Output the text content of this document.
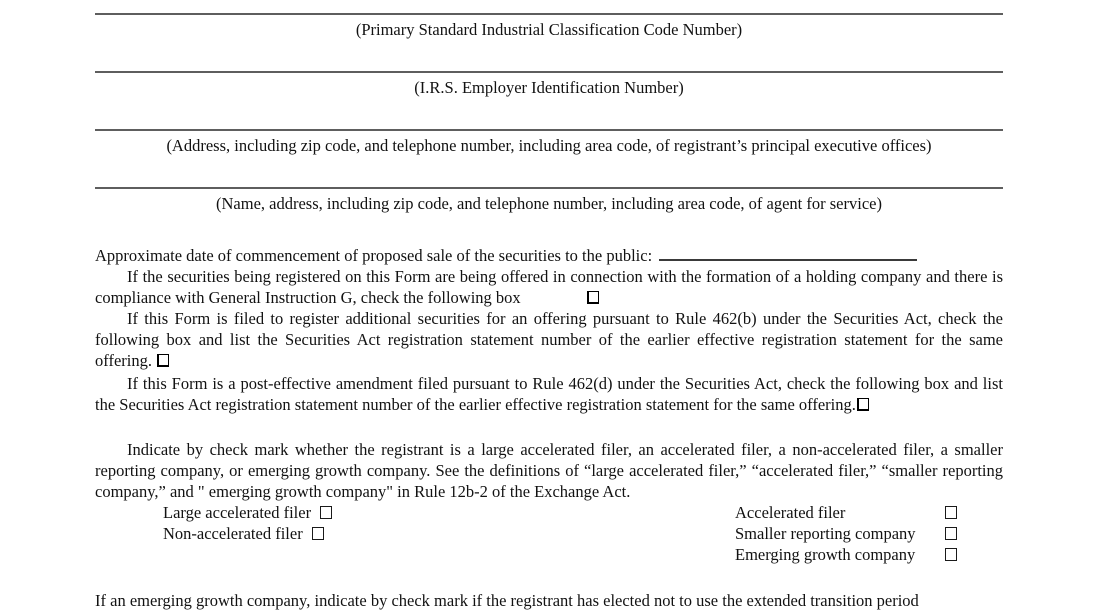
(Primary Standard Industrial Classification Code Number)
(I.R.S. Employer Identification Number)
(Address, including zip code, and telephone number, including area code, of registrant’s principal executive offices)
(Name, address, including zip code, and telephone number, including area code, of agent for service)

Approximate date of commencement of proposed sale of the securities to the public:

If the securities being registered on this Form are being offered in connection with the formation of a holding company and there is compliance with General Instruction G, check the following box

If this Form is filed to register additional securities for an offering pursuant to Rule 462(b) under the Securities Act, check the following box and list the Securities Act registration statement number of the earlier effective registration statement for the same offering.

If this Form is a post-effective amendment filed pursuant to Rule 462(d) under the Securities Act, check the following box and list the Securities Act registration statement number of the earlier effective registration statement for the same offering.

Indicate by check mark whether the registrant is a large accelerated filer, an accelerated filer, a non-accelerated filer, a smaller reporting company, or emerging growth company. See the definitions of “large accelerated filer,” “accelerated filer,” “smaller reporting company,” and " emerging growth company" in Rule 12b-2 of the Exchange Act.

Large accelerated filer	Accelerated filer
Non-accelerated filer	Smaller reporting company
Emerging growth company

If an emerging growth company, indicate by check mark if the registrant has elected not to use the extended transition period
